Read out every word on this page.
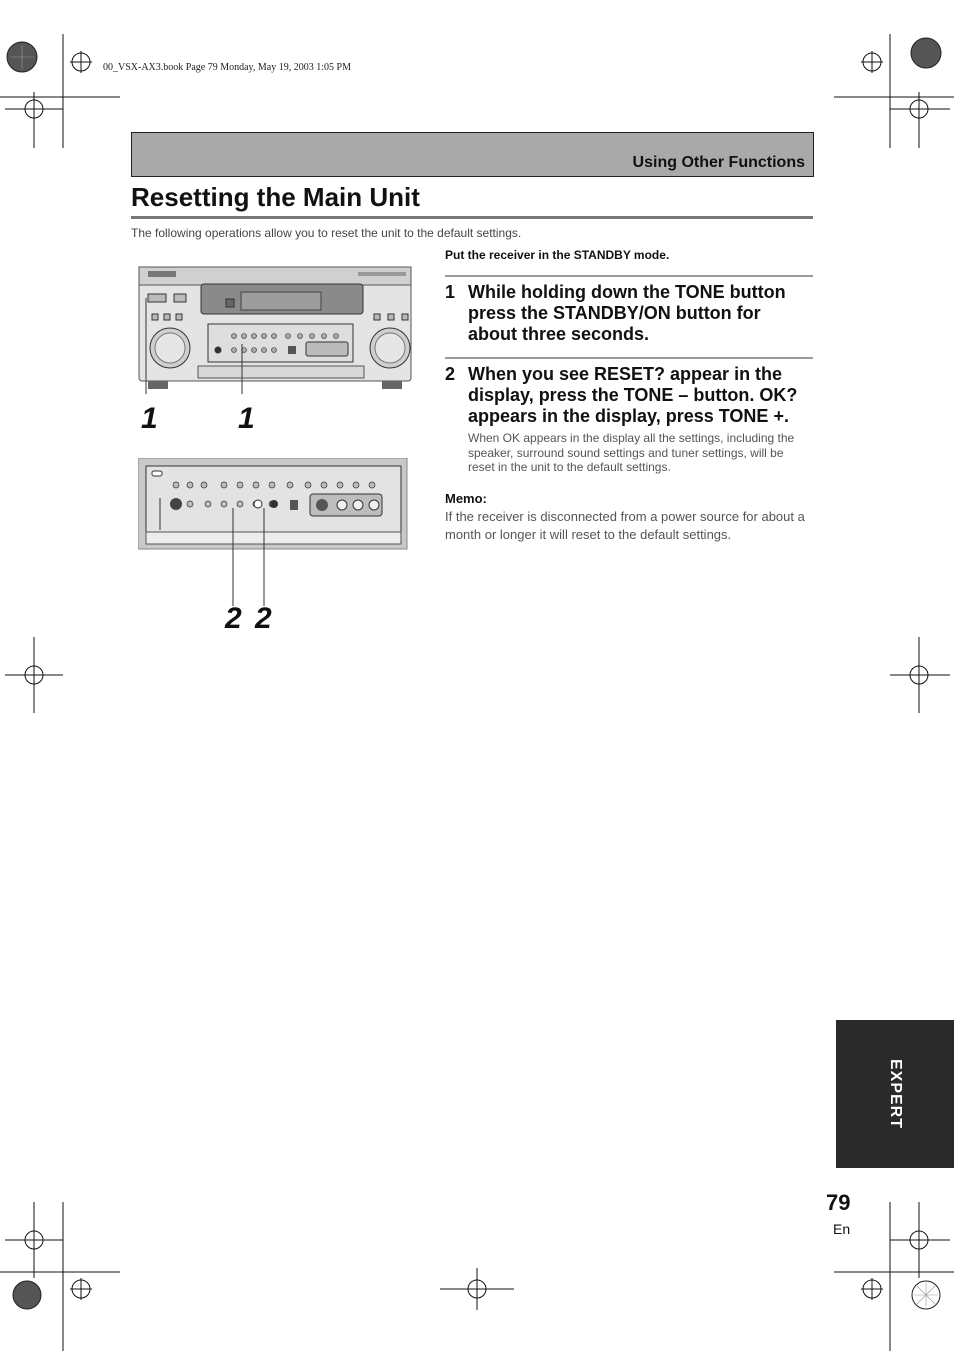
00_VSX-AX3.book Page 79 Monday, May 19, 2003 1:05 PM
Using Other Functions
Resetting the Main Unit
The following operations allow you to reset the unit to the default settings.
1	1
2 2
Put the receiver in the STANDBY mode.
1 While holding down the TONE button press the STANDBY/ON button for about three seconds.
2 When you see RESET? appear in the display, press the TONE – button. OK? appears in the display, press TONE +.
When OK appears in the display all the settings, including the speaker, surround sound settings and tuner settings, will be reset in the unit to the default settings.
Memo:
If the receiver is disconnected from a power source for about a month or longer it will reset to the default settings.
EXPERT
79
En
